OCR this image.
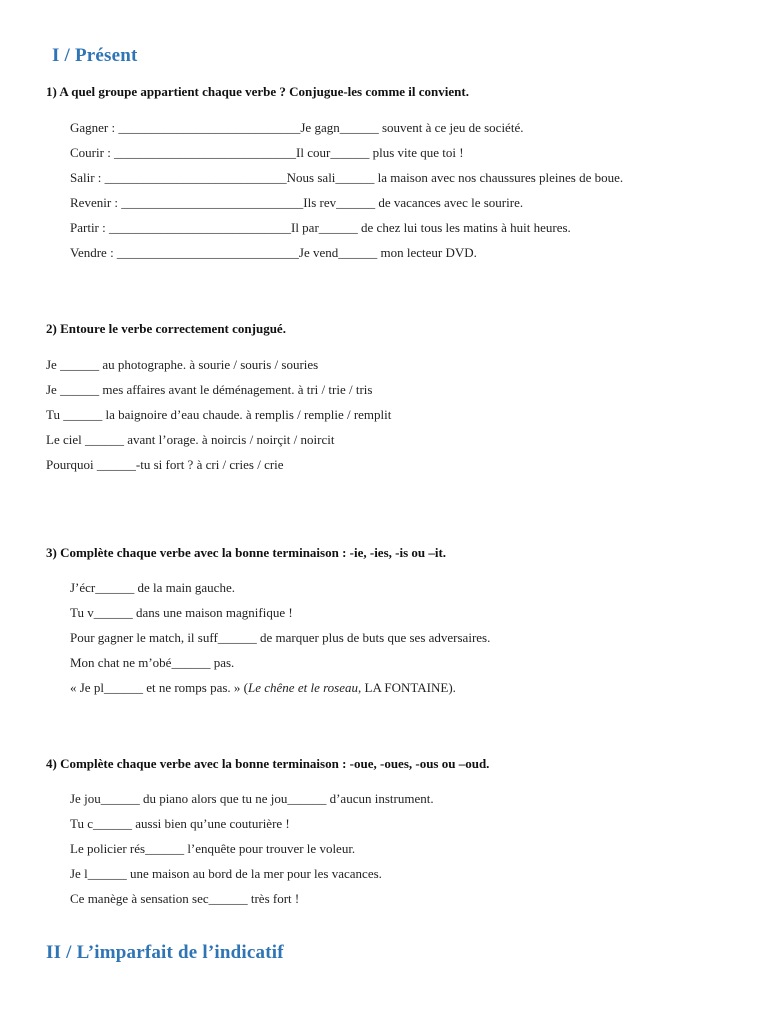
I / Présent
1) A quel groupe appartient chaque verbe ? Conjugue-les comme il convient.
Gagner : ____________________________Je gagn______ souvent à ce jeu de société.
Courir : ____________________________Il cour______ plus vite que toi !
Salir : ____________________________Nous sali______ la maison avec nos chaussures pleines de boue.
Revenir : ____________________________Ils rev______ de vacances avec le sourire.
Partir : ____________________________Il par______ de chez lui tous les matins à huit heures.
Vendre : ____________________________Je vend______ mon lecteur DVD.
2) Entoure le verbe correctement conjugué.
Je ______ au photographe. à sourie / souris / souries
Je ______ mes affaires avant le déménagement. à tri / trie / tris
Tu ______ la baignoire d’eau chaude. à remplis / remplie / remplit
Le ciel ______ avant l’orage. à noircis / noirçit / noircit
Pourquoi ______-tu si fort ? à cri / cries / crie
3) Complète chaque verbe avec la bonne terminaison : -ie, -ies, -is ou –it.
J’écr______ de la main gauche.
Tu v______ dans une maison magnifique !
Pour gagner le match, il suff______ de marquer plus de buts que ses adversaires.
Mon chat ne m’obé______ pas.
« Je pl______ et ne romps pas. » (Le chêne et le roseau, LA FONTAINE).
4) Complète chaque verbe avec la bonne terminaison : -oue, -oues, -ous ou –oud.
Je jou______ du piano alors que tu ne jou______ d’aucun instrument.
Tu c______ aussi bien qu’une couturière !
Le policier rés______ l’enquête pour trouver le voleur.
Je l______ une maison au bord de la mer pour les vacances.
Ce manège à sensation sec______ très fort !
II / L’imparfait de l’indicatif
